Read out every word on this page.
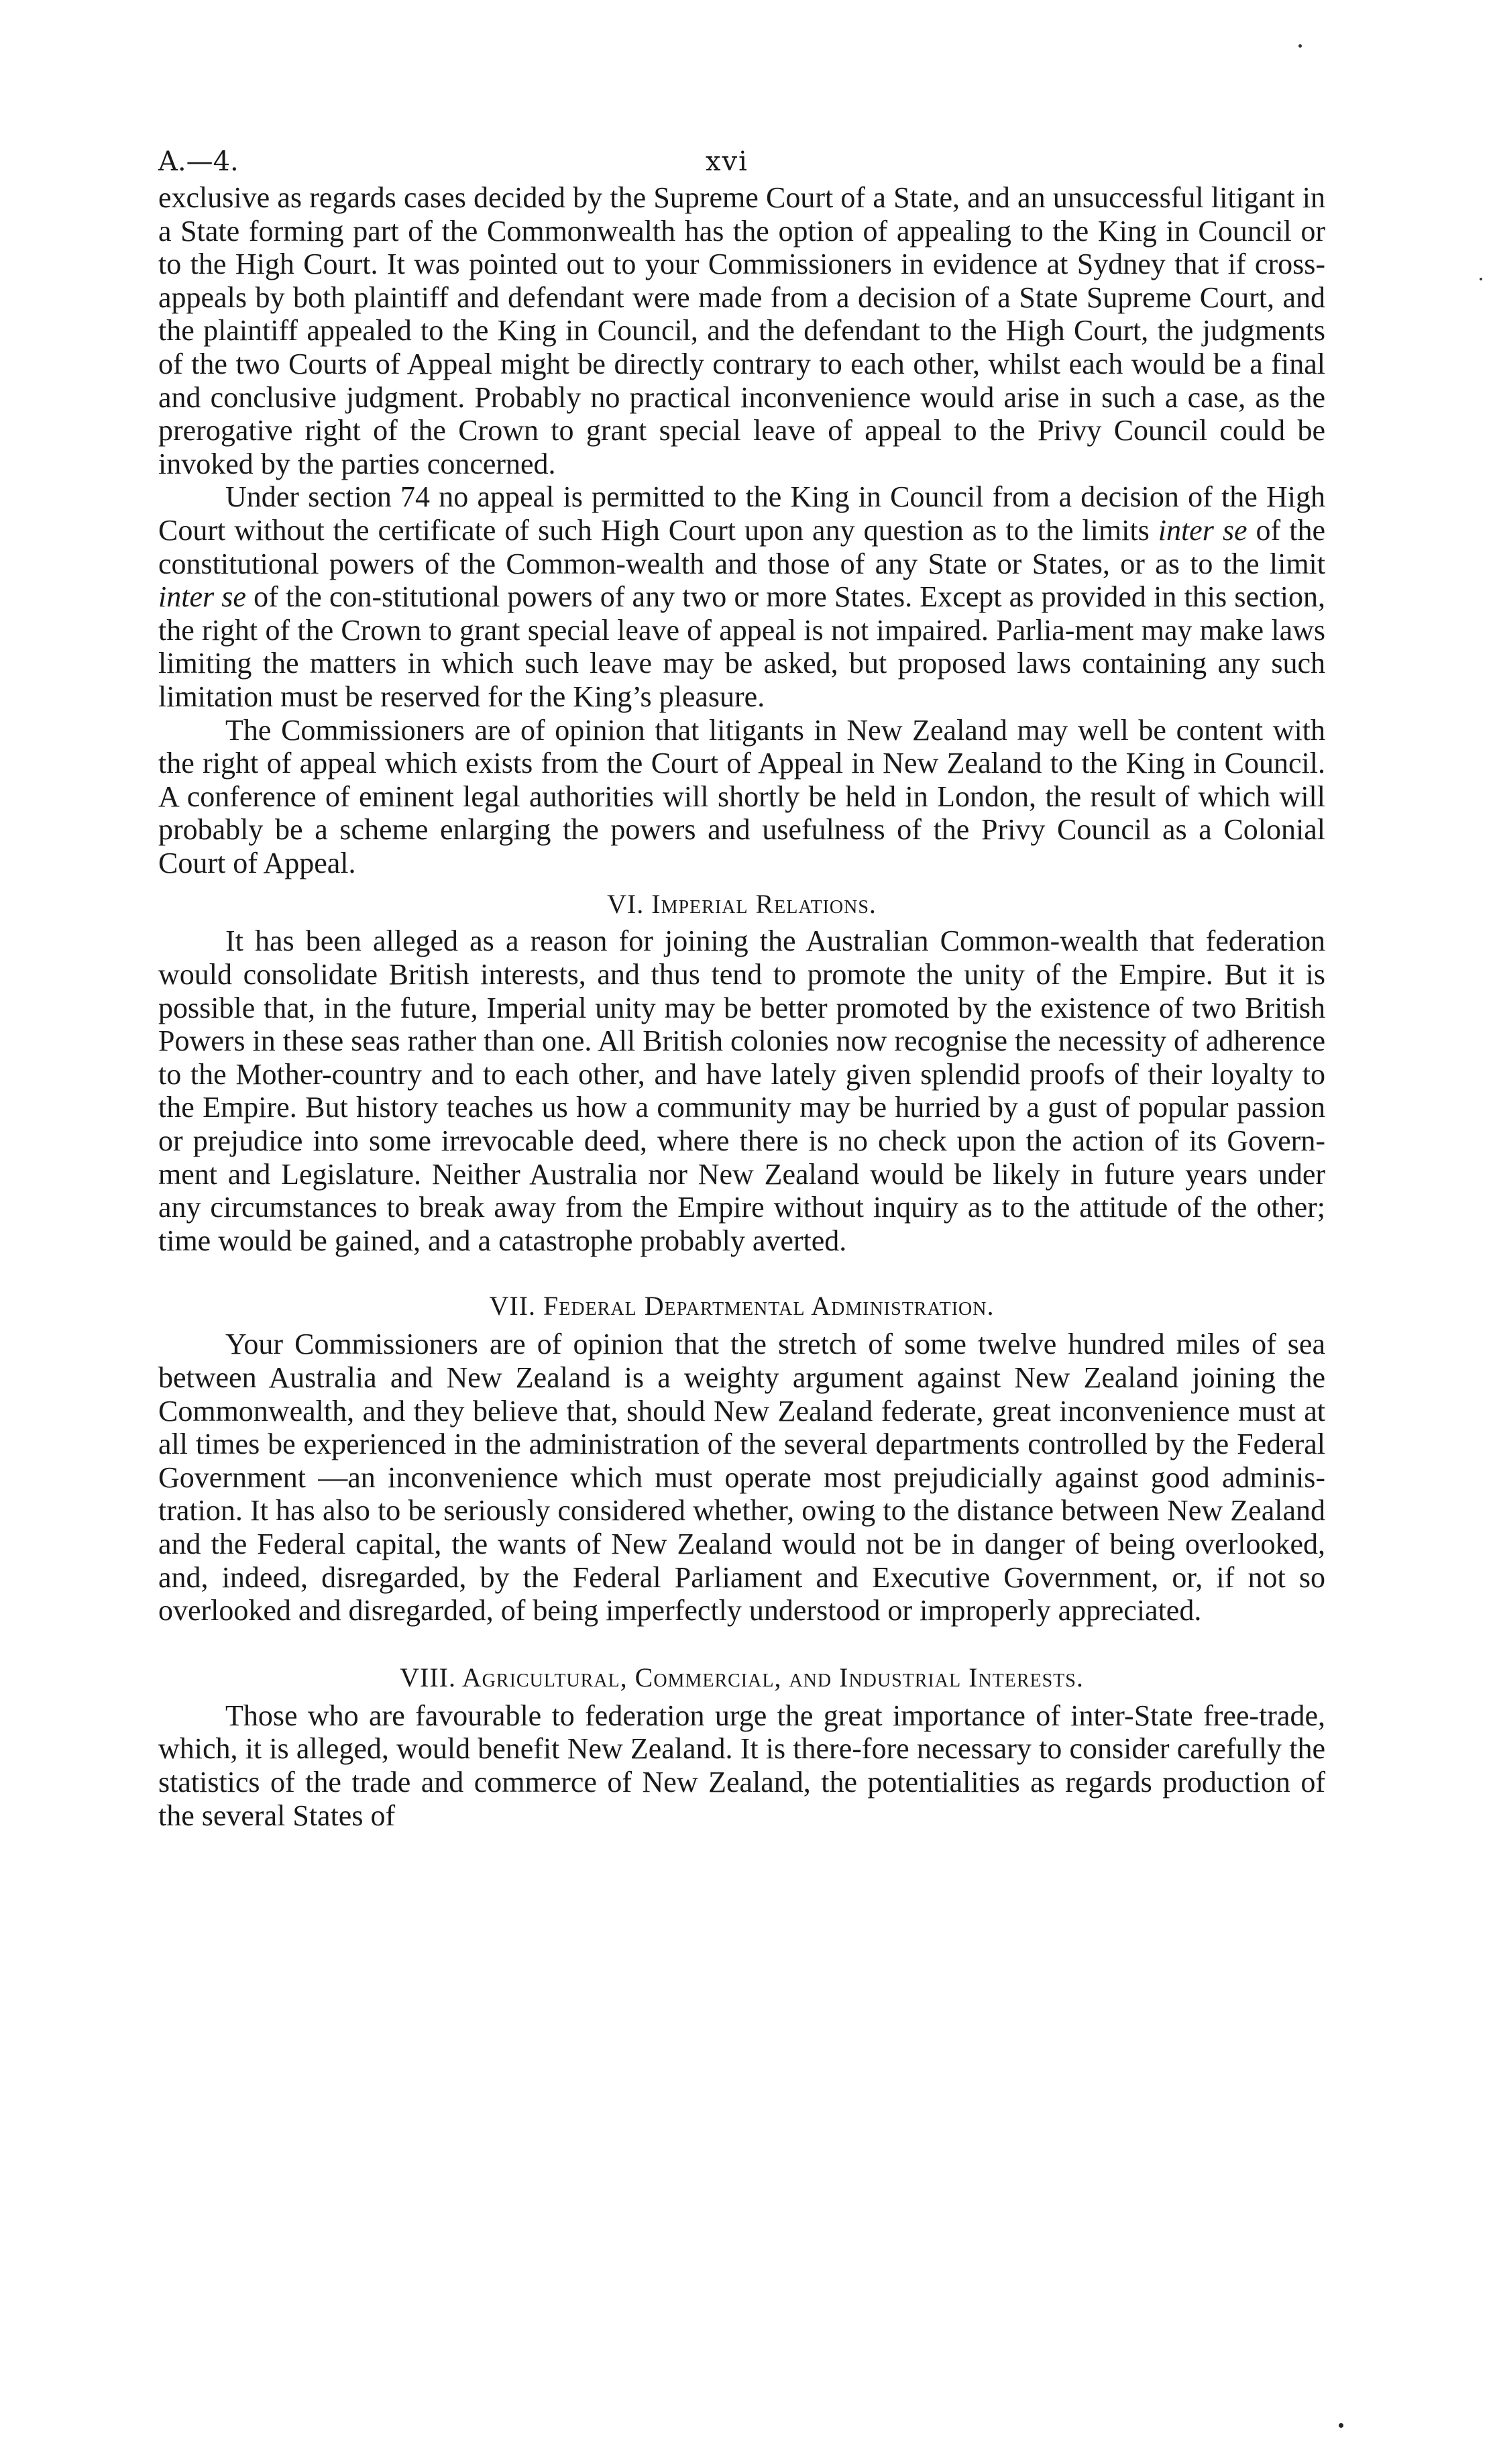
A.—4.	xvi

exclusive as regards cases decided by the Supreme Court of a State, and an unsuccessful litigant in a State forming part of the Commonwealth has the option of appealing to the King in Council or to the High Court. It was pointed out to your Commissioners in evidence at Sydney that if cross-appeals by both plaintiff and defendant were made from a decision of a State Supreme Court, and the plaintiff appealed to the King in Council, and the defendant to the High Court, the judgments of the two Courts of Appeal might be directly contrary to each other, whilst each would be a final and conclusive judgment. Probably no practical inconvenience would arise in such a case, as the prerogative right of the Crown to grant special leave of appeal to the Privy Council could be invoked by the parties concerned.

Under section 74 no appeal is permitted to the King in Council from a decision of the High Court without the certificate of such High Court upon any question as to the limits inter se of the constitutional powers of the Common-wealth and those of any State or States, or as to the limit inter se of the con-stitutional powers of any two or more States. Except as provided in this section, the right of the Crown to grant special leave of appeal is not impaired. Parlia-ment may make laws limiting the matters in which such leave may be asked, but proposed laws containing any such limitation must be reserved for the King’s pleasure.

The Commissioners are of opinion that litigants in New Zealand may well be content with the right of appeal which exists from the Court of Appeal in New Zealand to the King in Council. A conference of eminent legal authorities will shortly be held in London, the result of which will probably be a scheme enlarging the powers and usefulness of the Privy Council as a Colonial Court of Appeal.

VI. Imperial Relations.

It has been alleged as a reason for joining the Australian Common-wealth that federation would consolidate British interests, and thus tend to promote the unity of the Empire. But it is possible that, in the future, Imperial unity may be better promoted by the existence of two British Powers in these seas rather than one. All British colonies now recognise the necessity of adherence to the Mother-country and to each other, and have lately given splendid proofs of their loyalty to the Empire. But history teaches us how a community may be hurried by a gust of popular passion or prejudice into some irrevocable deed, where there is no check upon the action of its Govern-ment and Legislature. Neither Australia nor New Zealand would be likely in future years under any circumstances to break away from the Empire without inquiry as to the attitude of the other; time would be gained, and a catastrophe probably averted.

VII. Federal Departmental Administration.

Your Commissioners are of opinion that the stretch of some twelve hundred miles of sea between Australia and New Zealand is a weighty argument against New Zealand joining the Commonwealth, and they believe that, should New Zealand federate, great inconvenience must at all times be experienced in the administration of the several departments controlled by the Federal Government —an inconvenience which must operate most prejudicially against good adminis-tration. It has also to be seriously considered whether, owing to the distance between New Zealand and the Federal capital, the wants of New Zealand would not be in danger of being overlooked, and, indeed, disregarded, by the Federal Parliament and Executive Government, or, if not so overlooked and disregarded, of being imperfectly understood or improperly appreciated.

VIII. Agricultural, Commercial, and Industrial Interests.

Those who are favourable to federation urge the great importance of inter-State free-trade, which, it is alleged, would benefit New Zealand. It is there-fore necessary to consider carefully the statistics of the trade and commerce of New Zealand, the potentialities as regards production of the several States of
